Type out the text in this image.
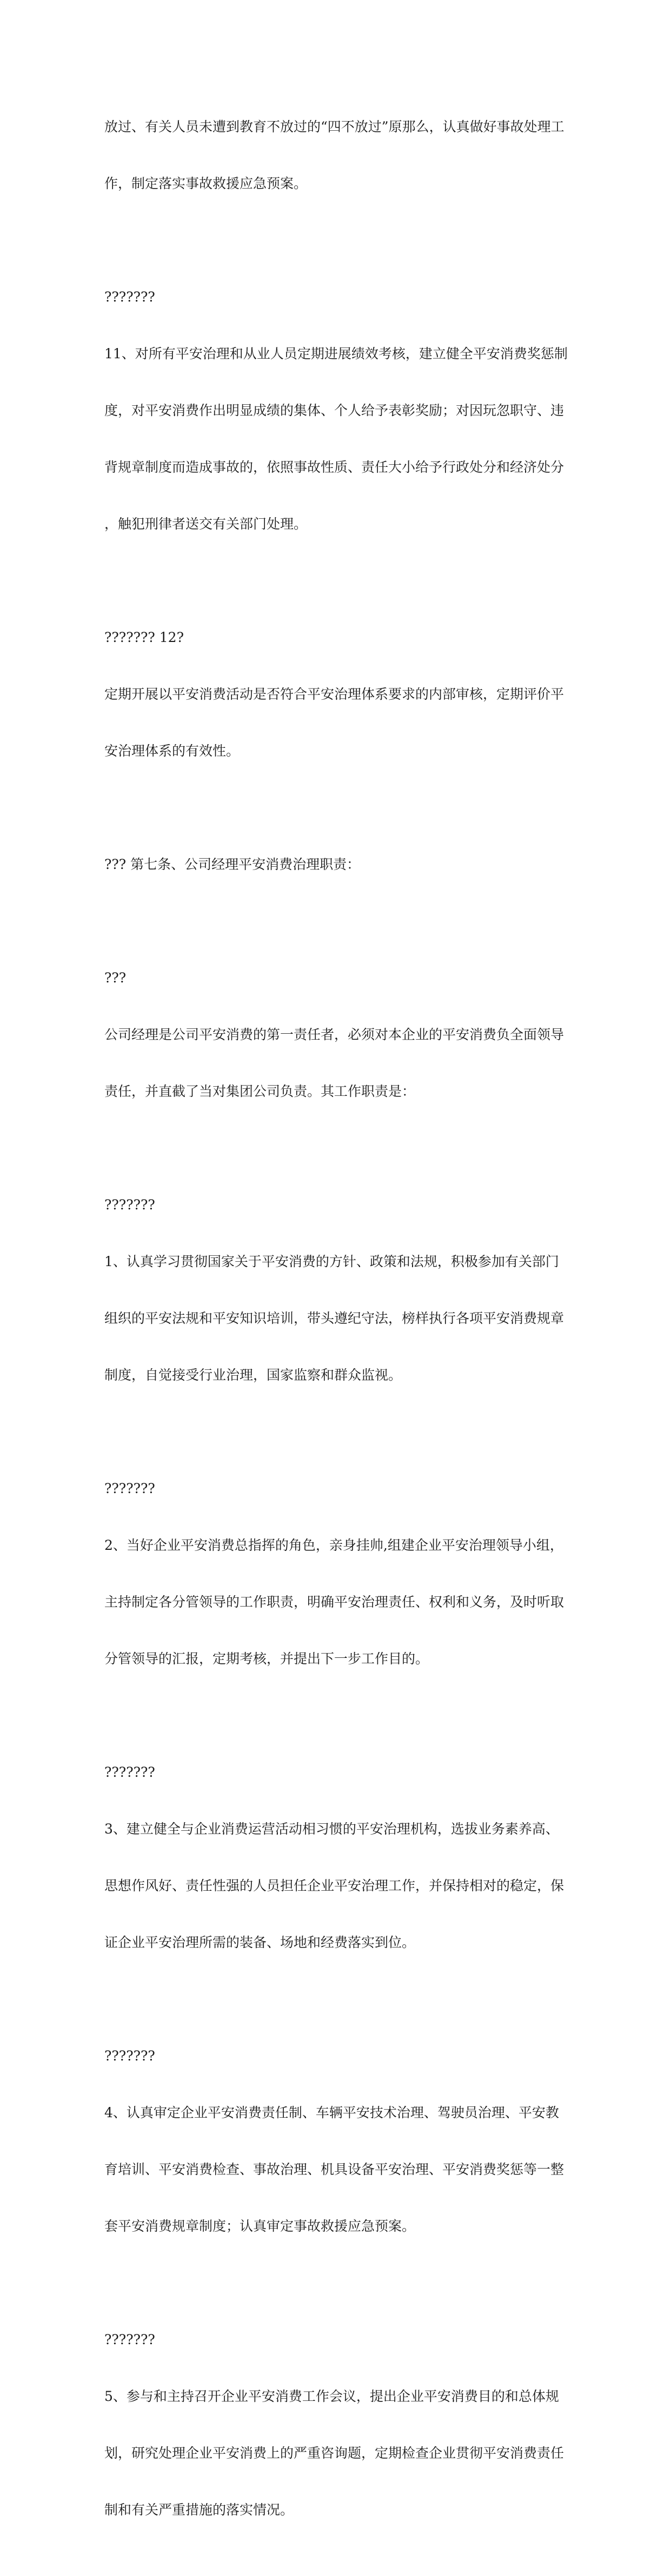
放过、有关人员未遭到教育不放过的“四不放过”原那么，认真做好事故处理工

作，制定落实事故救援应急预案。

???????

11、对所有平安治理和从业人员定期进展绩效考核，建立健全平安消费奖惩制

度，对平安消费作出明显成绩的集体、个人给予表彰奖励；对因玩忽职守、违

背规章制度而造成事故的，依照事故性质、责任大小给予行政处分和经济处分

，触犯刑律者送交有关部门处理。

??????? 12?

定期开展以平安消费活动是否符合平安治理体系要求的内部审核，定期评价平

安治理体系的有效性。

??? 第七条、公司经理平安消费治理职责：

???

公司经理是公司平安消费的第一责任者，必须对本企业的平安消费负全面领导

责任，并直截了当对集团公司负责。其工作职责是：

???????

1、认真学习贯彻国家关于平安消费的方针、政策和法规，积极参加有关部门

组织的平安法规和平安知识培训，带头遵纪守法，榜样执行各项平安消费规章

制度，自觉接受行业治理，国家监察和群众监视。

???????

2、当好企业平安消费总指挥的角色，亲身挂帅,组建企业平安治理领导小组，

主持制定各分管领导的工作职责，明确平安治理责任、权利和义务，及时听取

分管领导的汇报，定期考核，并提出下一步工作目的。

???????

3、建立健全与企业消费运营活动相习惯的平安治理机构，选拔业务素养高、

思想作风好、责任性强的人员担任企业平安治理工作，并保持相对的稳定，保

证企业平安治理所需的装备、场地和经费落实到位。

???????

4、认真审定企业平安消费责任制、车辆平安技术治理、驾驶员治理、平安教

育培训、平安消费检查、事故治理、机具设备平安治理、平安消费奖惩等一整

套平安消费规章制度；认真审定事故救援应急预案。

???????

5、参与和主持召开企业平安消费工作会议，提出企业平安消费目的和总体规

划，研究处理企业平安消费上的严重咨询题，定期检查企业贯彻平安消费责任

制和有关严重措施的落实情况。
